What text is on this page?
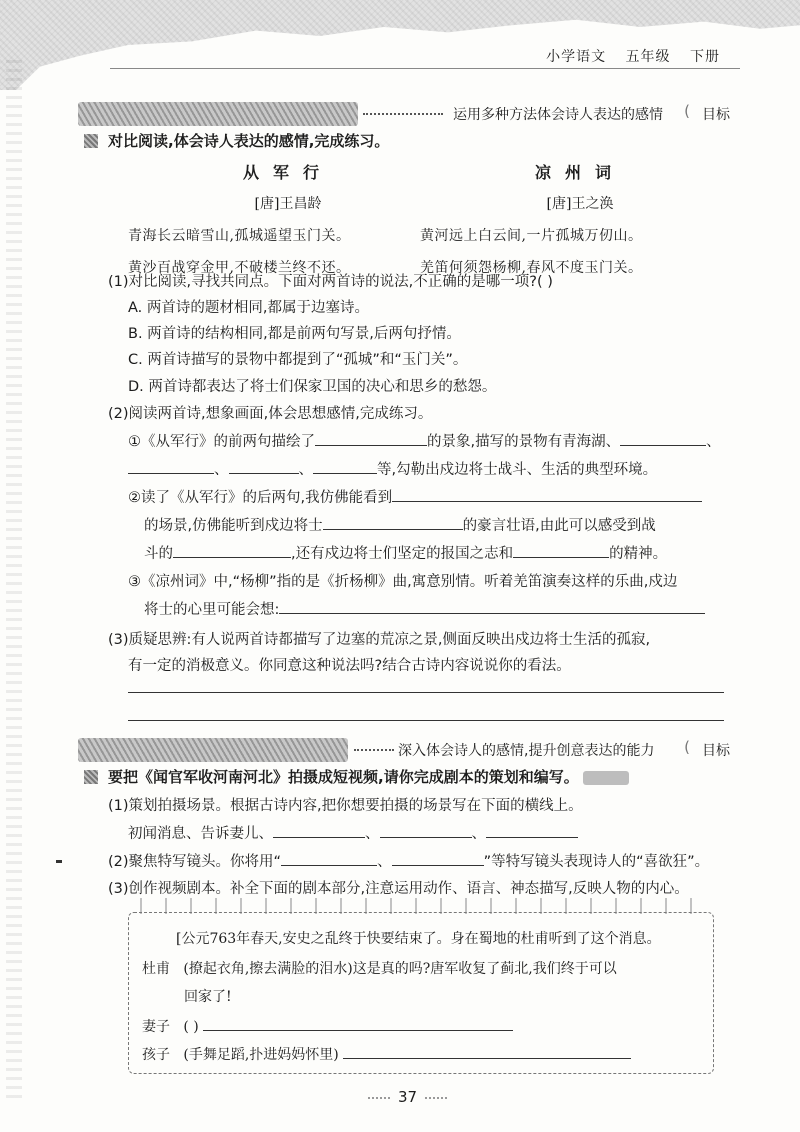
小学语文 五年级 下册
运用多种方法体会诗人表达的感情 ( 目标
对比阅读,体会诗人表达的感情,完成练习。
从军行
[唐]王昌龄
青海长云暗雪山,孤城遥望玉门关。
黄沙百战穿金甲,不破楼兰终不还。
凉州词
[唐]王之涣
黄河远上白云间,一片孤城万仞山。
羌笛何须怨杨柳,春风不度玉门关。
(1)对比阅读,寻找共同点。下面对两首诗的说法,不正确的是哪一项?( )
A. 两首诗的题材相同,都属于边塞诗。
B. 两首诗的结构相同,都是前两句写景,后两句抒情。
C. 两首诗描写的景物中都提到了“孤城”和“玉门关”。
D. 两首诗都表达了将士们保家卫国的决心和思乡的愁怨。
(2)阅读两首诗,想象画面,体会思想感情,完成练习。
①《从军行》的前两句描绘了	的景象,描写的景物有青海湖、	、
、	、	等,勾勒出戍边将士战斗、生活的典型环境。
②读了《从军行》的后两句,我仿佛能看到
的场景,仿佛能听到戍边将士	的豪言壮语,由此可以感受到战
斗的	,还有戍边将士们坚定的报国之志和	的精神。
③《凉州词》中,“杨柳”指的是《折杨柳》曲,寓意别情。听着羌笛演奏这样的乐曲,戍边
将士的心里可能会想:
(3)质疑思辨:有人说两首诗都描写了边塞的荒凉之景,侧面反映出戍边将士生活的孤寂,
有一定的消极意义。你同意这种说法吗?结合古诗内容说说你的看法。
深入体会诗人的感情,提升创意表达的能力 ( 目标
要把《闻官军收河南河北》拍摄成短视频,请你完成剧本的策划和编写。
(1)策划拍摄场景。根据古诗内容,把你想要拍摄的场景写在下面的横线上。
初闻消息、告诉妻儿、	、	、
(2)聚焦特写镜头。你将用“	、	”等特写镜头表现诗人的“喜欲狂”。
(3)创作视频剧本。补全下面的剧本部分,注意运用动作、语言、神态描写,反映人物的内心。
[公元763年春天,安史之乱终于快要结束了。身在蜀地的杜甫听到了这个消息。
杜甫 (撩起衣角,擦去满脸的泪水)这是真的吗?唐军收复了蓟北,我们终于可以
回家了!
妻子 ( )
孩子 (手舞足蹈,扑进妈妈怀里)
37
